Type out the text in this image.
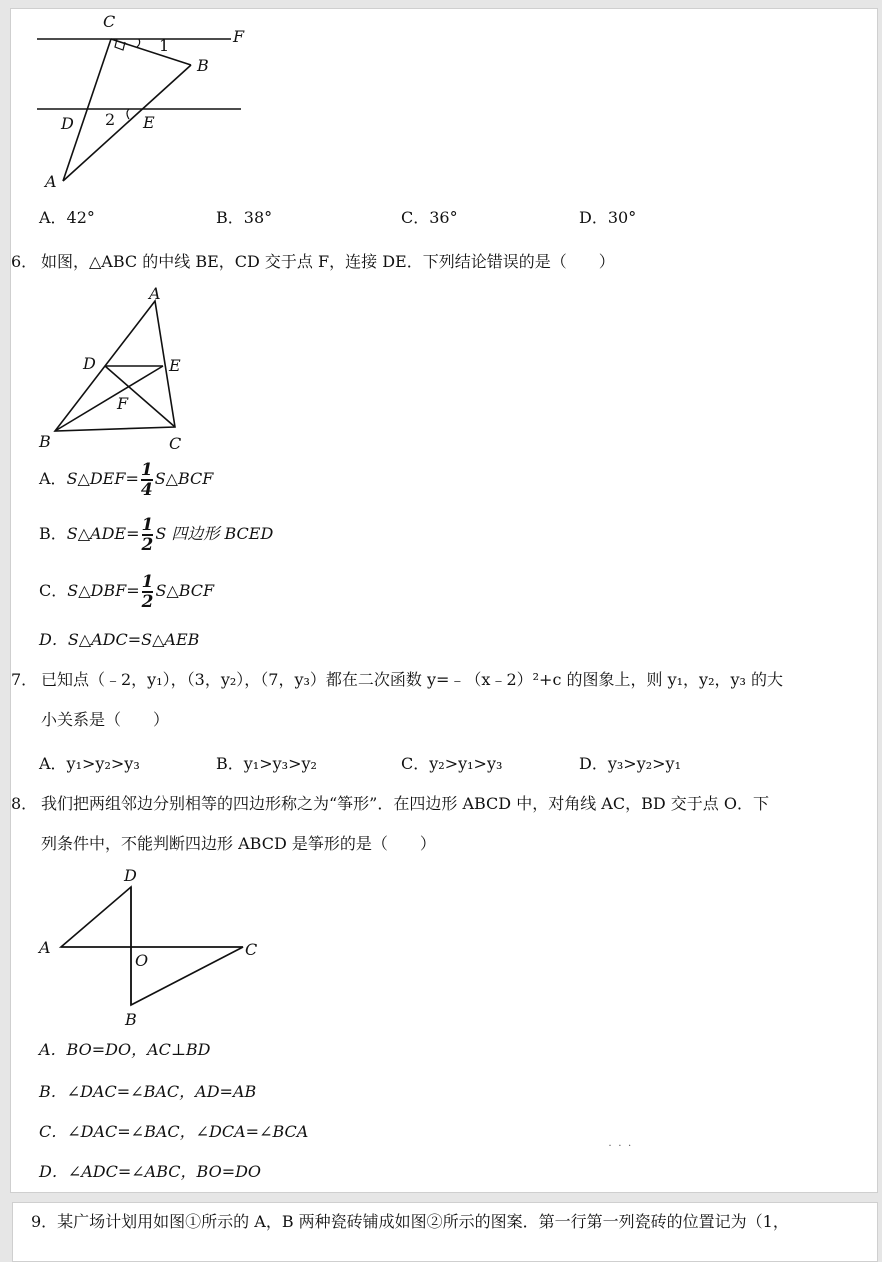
C
F
1
B
D 2 E
A
A．42°	B．38°	C．36°	D．30°
6． 如图，△ABC 的中线 BE，CD 交于点 F，连接 DE．下列结论错误的是（　　）
A
D	E
F
B	C
A．S△DEF= $\frac{1}{4}$ S△BCF
B．S△ADE= $\frac{1}{2}$ S 四边形 BCED
C．S△DBF= $\frac{1}{2}$ S△BCF
D．S△ADC=S△AEB
7． 已知点（﹣2，y₁），（3，y₂），（7，y₃）都在二次函数 y=﹣（x﹣2）²+c 的图象上，则 y₁，y₂，y₃ 的大
小关系是（　　）
A．y₁>y₂>y₃	B．y₁>y₃>y₂	C．y₂>y₁>y₃	D．y₃>y₂>y₁
8． 我们把两组邻边分别相等的四边形称之为“筝形”．在四边形 ABCD 中，对角线 AC，BD 交于点 O．下
列条件中，不能判断四边形 ABCD 是筝形的是（　　）
D
A
O
C
B
A．BO=DO，AC⊥BD
B．∠DAC=∠BAC，AD=AB
C．∠DAC=∠BAC，∠DCA=∠BCA
D．∠ADC=∠ABC，BO=DO
˙ ˙ ˙
9．某广场计划用如图①所示的 A，B 两种瓷砖铺成如图②所示的图案．第一行第一列瓷砖的位置记为（1，
